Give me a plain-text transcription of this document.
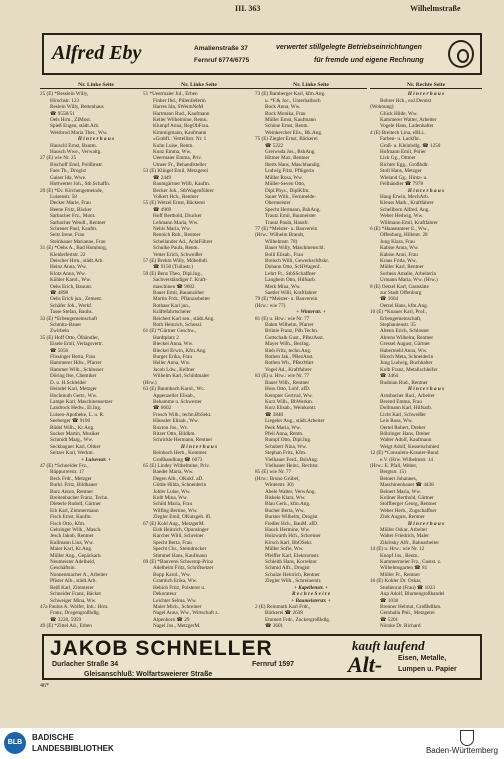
III. 363	Wilhelmstraße
Alfred Eby	Amalienstraße 37
Fernruf 6774/6775
verwertet stillgelegte Betriebseinrichtungen
für fremde und eigene Rechnung
Nr. Linke Seite
25 (E) *Besslein Willy,
Hirschstr. 123
Beslein Willy, Bettenhaus
☎ 9558/51
Oels Hrm., ZIMost.
Spieß Eugen, städt.Arb.
Weisbrod Maria Ther., Ww.
H i n t e r h a u s
Hauschl Ernst, Bautm.
Hausch Wwe., Verwaltg.
27 (E) wie Nr. 25
Bischoff Emil, Polißmstr.
Faes Th., Drogist
Gaiser Ida, Wwe.
Hottwetter Joh., Stb.Schaffn.
29 (E) *Ev. Kirchengemeinde,
Luisenstr. 58
Decker Marie, Frau
Heene Fritz, Bäcker
Sarbacher Frz., Mont.
Sarbacher Wendl., Rentner
Schreuer Paul, Kaufm.
Seitz Irene, Frau
Steinbauer Marianne, Frau
31 (E) *Oehs A., Bad Homburg,
Kleiderfertstr. 22
Deischer Hrm., städt.Arb.
Heinz Anna, Ww.
Klotz Anna, Ww.
Köhler Karol., Ww.
Oehs Erich, Bauunt.
☎ 4898
Oehs Erich jun., Zement.
Schäfer Joh., Werkf.
Tasse Stefan, Bauhs.
33 (E) *Erbengemeinschaft
Schmitz-Bauer
Zwirbeln
35 (E) Hoff Otto, Ölhändler,
Eisele Emil, Verlagsvertr.
☎ 5056
Flissinger Berta, Frau
Hammerer Hdw., Pfarrer
Hammer Wilh., Schlosser
Döring Ilse, Chemiker
D. u. H.Schleider
Heindel Karl, Metzger
Hochmuth Gertr., Ww.
Lampe Karl, Maschinensetzer
Landrock Hedw., El.Ing.
Luisen-Apotheke, L. u. R.
Seeberger ☎ 9106
Rüdel Wilh., Kr.Ang.
Sucker Martin, Musiker
Schmidt Marg., Ww.
Seckbaguer Karl, Oltker
Seitzer Karl, Werkm.
+ Luisenstr. +
47 (E) *Schneider Frz.,
Rüppurrerstr. 17
Beck Frdr., Metzger
Burkl. Fritz, Bildhauer
Burz Anton, Rentner
Breitenbacher Franz, Techn.
Dieterle Rudolf, Gärtner
Eib Karl, Zimmermann
Fisch Ernst, Kaufm.
Fisch Otto, Kfm.
Gehringer Wilh., Masch.
Jesch Jakob, Rentner
Kullmann Lina, Ww.
Maier Karl, Kr.Ang.
Müller Ang., Gepäckarb.
Neumeister Adelheid,
Geschäftsin.
Nonnenmacher A., Arbeiter
Pfister Alb., städt.Arb.
Reiß Karl, Zimmerer
Schneider Franz, Bäcker
Schweiger Mina, Ww.
47a Paulus A. Wolfer, Inh.: Hrm.
Franz, Drogengroßhdlg.
☎ 3228, 5959
49 (E) *Zittel Ad., Erben
Nr. Linke Seite
51 *Ueermaier Jul., Erben
Finher Ihd., Pillenlieferin
Harres Ida, SWeimNeM
Hartmann Rud., Kaufmann
Keller Wilhelmine, Rentn.
Klumpf Anna, RegObFrau.
Kimmigmann, Kaufmann
«Grabfl.: Vertellistr. Nr. 1
Kuhn Luise, Rentn.
Kunz Emma, Ww.
Ueermaier Emma, Priv.
Umser Fr., Behandlsteller
53 (E) Klingel Emil, Metzgerei
☎ 2449
Baumgärtner Willi, Kaufm.
Becker Joh., StbWagenführer
Volkert Hch., Rentner
55 (E) Wetzel Ernst, Bäckerei
☎ 4969
Hoff Berthold, Drucker
Lehmann Maria, Ww.
Nehls Maria, Ww.
Rennich Rob., Rentner
Schellander Ad., AchtFührer
Schulke Paula, Rentn.
Vetter Erich, Schweißer
57 (E) Brehm Willy, Möbelhdl.
☎ 9150 (Tullastr.)
59 (E) Benz Theo, Dipl.Ing.,
Sachverständiger f. Kraft-
maschinen ☎ 9602
Bauer Emil, Bauanzüher
Martin Frdr., Pflanzarbeiter
Rothaar Karl jun.,
Kräftefahrtscheier
Reichert Karl sen., städt.Ang.
Roth Heinrich, Schossl.
61 (E) *Gärtner Geschw.,
Hardtplatz 2
Bieckel Anna, Ww.
Bieckel Erwin, Kfm.Ang.
Burger Erika, Frau
Heller Anna, Ww.
Jacob Ldw., Kellner
Wilhelm Karl, Schildmaler
(Hrw.)
63 (E) Baumbach Karol., Wc.
Appenzeller Elisab.,
Behamme u. Schwester
☎ 6602
Frosch Wilh., techn.BbSekt.
Häussler Elisab., Ww.
Ruxton Jos., Wc.
Ritzer Otto, Bildkm.
Schrickle Hermann, Rentner
H i n t e r h a u s
Beinbach Herb., Kommer.
Großhandlung ☎ 6073
65 (E) Lindey Wilhelmine, Priv.
Baeder Maria, Ww.
Degen Alb., OKokf. aD.
Göttle Hilda, Schneiderin
Johler Luise, Ww.
Kolb Mina, Ww.
Schild Maria, Frau
Wilfing Bertine, Ww.
Ziegler Emil, OKutsgeh. ifl.
67 (E) Kohl Aug., MetzgerM.
Eisb Heinrich, Oponsinger
Karcher Willi, Schreiner
Specht Berta, Frau
Specht Chr., Steindrucker
Stimmel Hans, Kaufmann
69 (E) *Bauverei Schwemp-Prinz
Adelheim Fritz, Schriftsetzer
Bopp Karol., Ww.
Gramlich Erika, Ww.
Hehich Fritz, Polsterer u.
Dekorateur
Leichter Selma, Ww.
Maier Mich., Schreiner
Nagel Anna, Ww., Wirtschaft z.
Alpenhorn ☎ 29
Nagel Jos., MetzgerM.
Nr. Linke Seite
73 (E) Bamberger Karl, kfm.Ang.
u. *F.& Joc., Unterhalbach
Bock Anna, Ww.
Bock Monika, Frau
Müller Ernst, Kaufmann
Schöne Ernst, Rentn.
Weinkercher Elis., Bk.Ang.
75 (E) Ziegler Ernst, Bäckerei
☎ 5222
Greiwuda Jos., BshAng.
Hitmer Max, Rentner
Iberts Hans, Maschhandlg.
Ludwig Fritz, Pflügerin
Müller Rosa, Ww.
Müller-Seven Otto,
Dipl.Phys., DiplKfm.
Sauer Wilh., Fernmelde-
Obermeister
Specht Hermann, BshAng.
Trautz Emil, Baumeister
Trautz Paula, Hausfr.
77 (E) *Meister- u. Bauverein
(Hrw.: Wilhelm Brandt,
Wilhelmstr. 78)
Bauer Willy, Maschinenschl.
Bolli Elisab., Frau
Breisch Willi, Gewerkschftskr.
Dohann Otto, ScHWagenf.
Lehrt Fr., StbSSchaffner
Langbein Otto, Hilfsarb.
Merk Mina, Ww.
Saetler Willi, Kraftfahrer
79 (E) *Meister- u. Bauverein
(Hrw.: wie 77)
+ Winterstr. +
81 (E) u. Hrw.: wie Nr. 77
Bahm Wilhelm, Pfarrer
Brünle Franz, Pöb.Techn.
Gottschalk Gust., PBezAsst.
Mayer Wilh., BezIng.
Rieh Fritz, techn.Ang.
Rothen Jak., PBezAsst.
Rothen Wh., PBezWart
Vogel Ad., Kraftfahrer
83 (E) u. Hrw.: wie Nr. 77
Bauer Wilh., Rentner
Hoss Otto, Lohf. afD.
Kempter Gertrud, Ww.
Kurz Wilh., BbWerkm.
Kurz Elisab., Weinkontr.
☎ 3840
Liegeler Aug., städt.Arbeiter
Peek Maria, Ww.
Pfeil Anna, Rentn.
Rumpf Otto, Dipl.Ing.
Schubert Nina, Ww.
Stephan Fritz, Kfm.
Vielhauer Ferd., BshAng.
Vielhauer Heinr., Rechtsr.
85 (E) wie Nr. 77
(Hrw.: Bruno Grübel,
Winterstr. 30)
Abele Walter, VerwAng.
Biskele Klara, Ww.
Blau Gerh., kfm.Ang.
Bucher Berta, Ww.
Burster Wilhelm, Drogist
Fiedler Hch., BauM. afD.
Hauck Hermine, Ww.
Holzwarth Hch., Schreiner
Kirsch Karl, BbOSekr.
Müller Sofie, Ww.
Pfeiffer Karl, Elektromstr.
Schleith Hans, Korrektor
Schmid Alfr., Drogist
Schulze Heinrich, Rentner
Ziegler Wilh., Schreinerstr.
+ Kapellenstr. +
R e c h t e S e i t e
+ Baumeisterstr. +
2 (E) Reinmuth Karl Frdr.,
Bäckerei ☎ 2638
Emmert Frdr., Zuckergroßhdlg.
☎ 3601
Nr. Rechte Seite
H i n t e r h a u s
Bohrer Hch., eaJ.Dentist
(Wohnung)
Glück Hilde, Ww.
Kammerer Walter, Arbeiter
Vogele Hans, Ladenhalter
4 (E) Breitech Lina, eBLi..
Farben- u. Lackfbr..
Groß- u. Kleinhdlg. ☎ 1250
Hofmann Emil, Polier
Lick Gg., Ottmer
Richter Egg., Großhdlr.
Stoll Hans, Metzger
Wieland Gg., Hintz- u.
Fellhändler ☎ 7978
H i n t e r h a u s
Haug Erwin, MechArb.
Kleuss Math., Kraftfahrer
Schellborn Alfred, Ang.
Weber Hedwig, Ww.
Willmann Emil, Kraftfahrer
6 (E) *Haaseanteer E., Ww.,
Offenburg, Hillentr. 28
Jung Klara, Frau
Kabise Anna, Ww.
Kabise Anni, Frau
Kraus Frida, Ww.
Müller Karl, Rentner
Sorhein Amalie, Arbeiterin
Urmann Maria, Ww. (Hrw.)
8 (E) Oetzel Karl, Gaststätte
zur Stadt Offenburg
☎ 1604
Oetzel Hans, kfm.Ang.
10 (E) *Knauer Karl, Prof.,
Erbengemeinschaft,
Stephanienstr. 35
Altenn Erich, Schlosser
Ahrens Wilhelm, Rentner
Gressel August, Gärtner
Habermehl Anna, Ww.
Hirsch Meta, Schneiderin
Jung Ludwig, Buchhalter
Kolb Franz, Metallschleifer
☎ 3464
Rudnian Rud., Rentner
H i n t e r h a u s
Arnsbacher Rud., Arbeiter
Berend Emma, Frau
Dollmann Karl, Hilfsarb.
Licht Karl, Schweißer
Leis Rosa, Ww.
Oertel Robert, Dreher
Böhringer Hans, Dreher
Walter Adolf, Kaufmann
Weigt Adolf, Kesselschmied
12 (E) *Consulein-Krauter-Bund
e.V. (Hrw. Wilhelmstr. 14
(Hrw.: E. Pfall, Weber,
Bergtstr. 15)
Beinert Johannes,
Maschinenbauer ☎ 4438
Beinert Maria, Ww.
Kollner Berthold, Gärtner
Stoffberger Georg, Rentner
Weber Herb., Zugschaffner
Zink August, Rentner
H i n t e r h a u s
Müller Oskar, Arbeiter
Walter Friedrich, Maler
Zikritsky Alfr., Bahnarbeiter
14 (E) u. Hrw.: wie Nr. 12
Knopf Jos., Rentn.
Kammermeier Frz., Gastst. z.
Wilhelmsgarten ☎ 81
Müller Fr., Rentner
16 (E) Kohler Dr. Oskar,
Studienrat (Frau) ☎ 1023
Aup Adolf, Blumengroßhandel
☎ 1038
Brenner Helmut, Großhdlkm.
Gemballa Phil., Metzgerei
☎ 5201
Nörske Dr. Richard
JAKOB SCHNELLER
Durlacher Straße 34	Fernruf 1597
Gleisanschluß: Wolfartsweierer Straße
kauft laufend
Alt- Eisen, Metalle,
Lumpen u. Papier
46*
BLB
BADISCHE
LANDESBIBLIOTHEK	Baden-Württemberg
